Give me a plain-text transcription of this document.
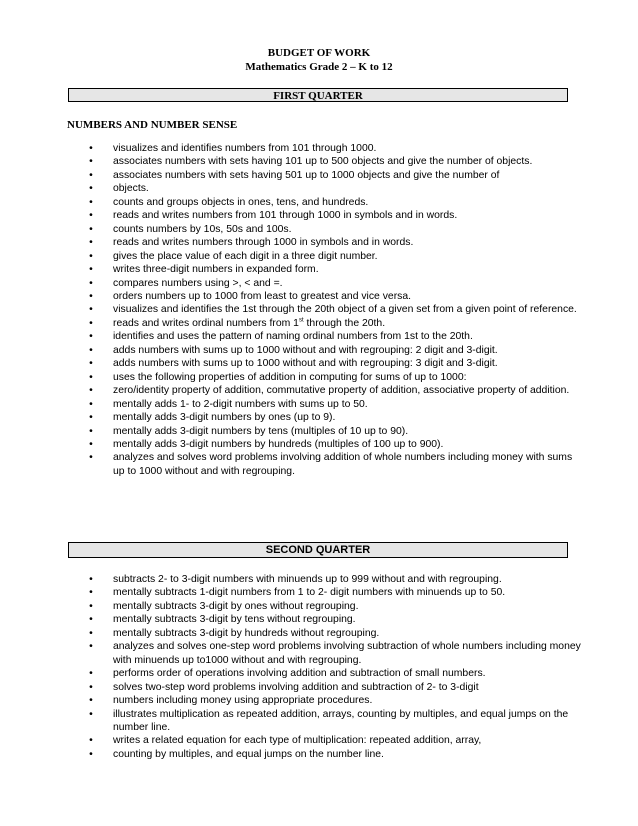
BUDGET OF WORK
Mathematics Grade 2 – K to 12
FIRST QUARTER
NUMBERS AND NUMBER SENSE
•	visualizes and identifies numbers from 101 through 1000.
•	associates numbers with sets having 101 up to 500 objects and give the number of objects.
•	associates numbers with sets having 501 up to 1000 objects and give the number of
•	objects.
•	counts and groups objects in ones, tens, and hundreds.
•	reads and writes numbers from 101 through 1000 in symbols and in words.
•	counts numbers by 10s, 50s and 100s.
•	reads and writes numbers through 1000 in symbols and in words.
•	gives the place value of each digit in a three digit number.
•	writes three-digit numbers in expanded form.
•	compares numbers using >, < and =.
•	orders numbers up to 1000 from least to greatest and vice versa.
•	visualizes and identifies the 1st through the 20th object of a given set from a given point of reference.
•	reads and writes ordinal numbers from 1st through the 20th.
•	identifies and uses the pattern of naming ordinal numbers from 1st to the 20th.
•	adds numbers with sums up to 1000 without and with regrouping: 2 digit and 3-digit.
•	adds numbers with sums up to 1000 without and with regrouping: 3 digit and 3-digit.
•	uses the following properties of addition in computing for sums of up to 1000:
•	zero/identity property of addition, commutative property of addition, associative property of addition.
•	mentally adds 1- to 2-digit numbers with sums up to 50.
•	mentally adds 3-digit numbers by ones (up to 9).
•	mentally adds 3-digit numbers by tens (multiples of 10 up to 90).
•	mentally adds 3-digit numbers by hundreds (multiples of 100 up to 900).
•	analyzes and solves word problems involving addition of whole numbers including money with sums up to 1000 without and with regrouping.
SECOND QUARTER
•	subtracts 2- to 3-digit numbers with minuends up to 999 without and with regrouping.
•	mentally subtracts 1-digit numbers from 1 to 2- digit numbers with minuends up to 50.
•	mentally subtracts 3-digit by ones without regrouping.
•	mentally subtracts 3-digit by tens without regrouping.
•	mentally subtracts 3-digit by hundreds without regrouping.
•	analyzes and solves one-step word problems involving subtraction of whole numbers including money with minuends up to1000 without and with regrouping.
•	performs order of operations involving addition and subtraction of small numbers.
•	solves two-step word problems involving addition and subtraction of 2- to 3-digit
•	numbers including money using appropriate procedures.
•	illustrates multiplication as repeated addition, arrays, counting by multiples, and equal jumps on the number line.
•	writes a related equation for each type of multiplication: repeated addition, array,
•	counting by multiples, and equal jumps on the number line.
